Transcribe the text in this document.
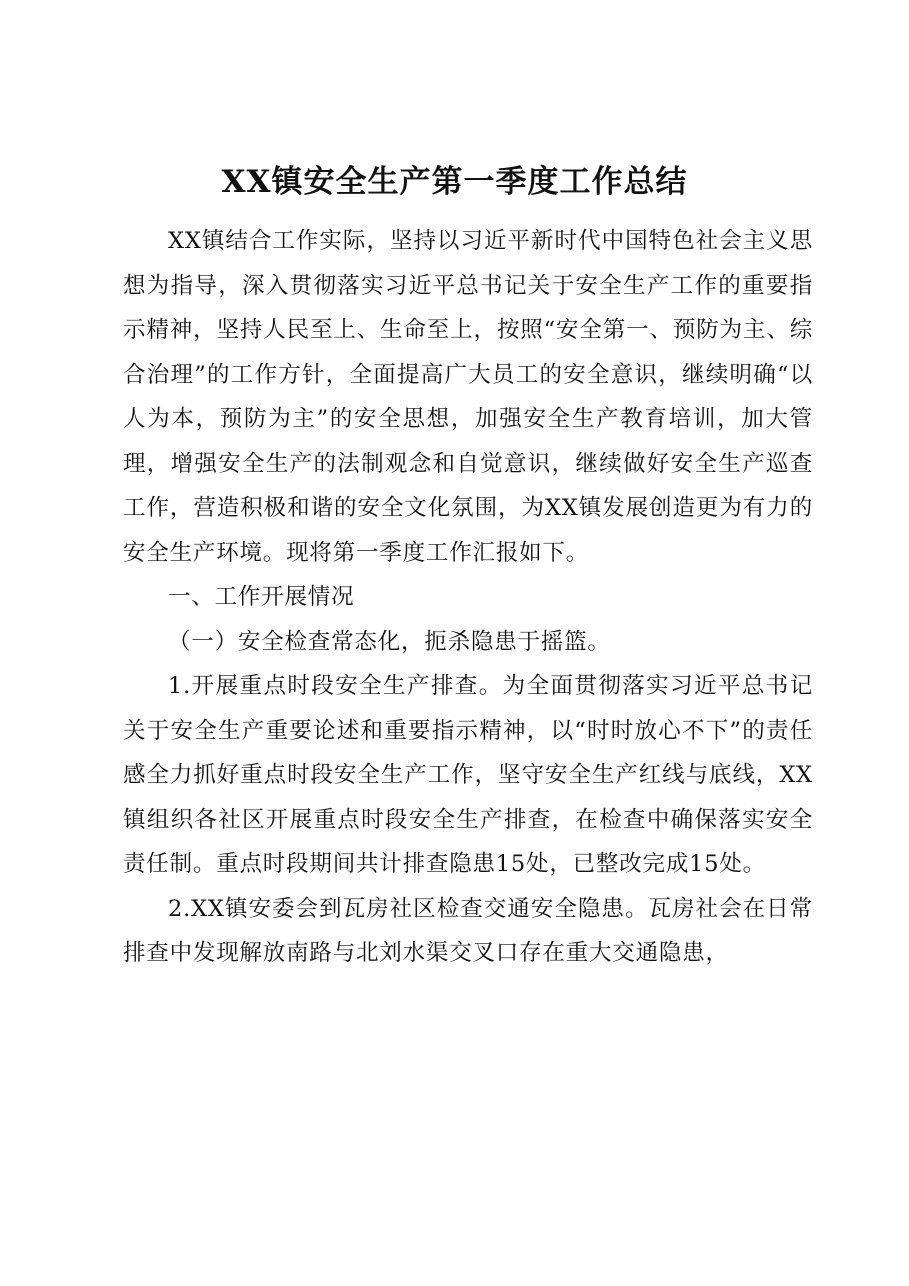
XX镇安全生产第一季度工作总结

XX镇结合工作实际，坚持以习近平新时代中国特色社会主义思想为指导，深入贯彻落实习近平总书记关于安全生产工作的重要指示精神，坚持人民至上、生命至上，按照“安全第一、预防为主、综合治理”的工作方针，全面提高广大员工的安全意识，继续明确“以人为本，预防为主”的安全思想，加强安全生产教育培训，加大管理，增强安全生产的法制观念和自觉意识，继续做好安全生产巡查工作，营造积极和谐的安全文化氛围，为XX镇发展创造更为有力的安全生产环境。现将第一季度工作汇报如下。

一、工作开展情况

（一）安全检查常态化，扼杀隐患于摇篮。

1.开展重点时段安全生产排查。为全面贯彻落实习近平总书记关于安全生产重要论述和重要指示精神，以“时时放心不下”的责任感全力抓好重点时段安全生产工作，坚守安全生产红线与底线，XX镇组织各社区开展重点时段安全生产排查，在检查中确保落实安全责任制。重点时段期间共计排查隐患15处，已整改完成15处。

2.XX镇安委会到瓦房社区检查交通安全隐患。瓦房社会在日常排查中发现解放南路与北刘水渠交叉口存在重大交通隐患，
